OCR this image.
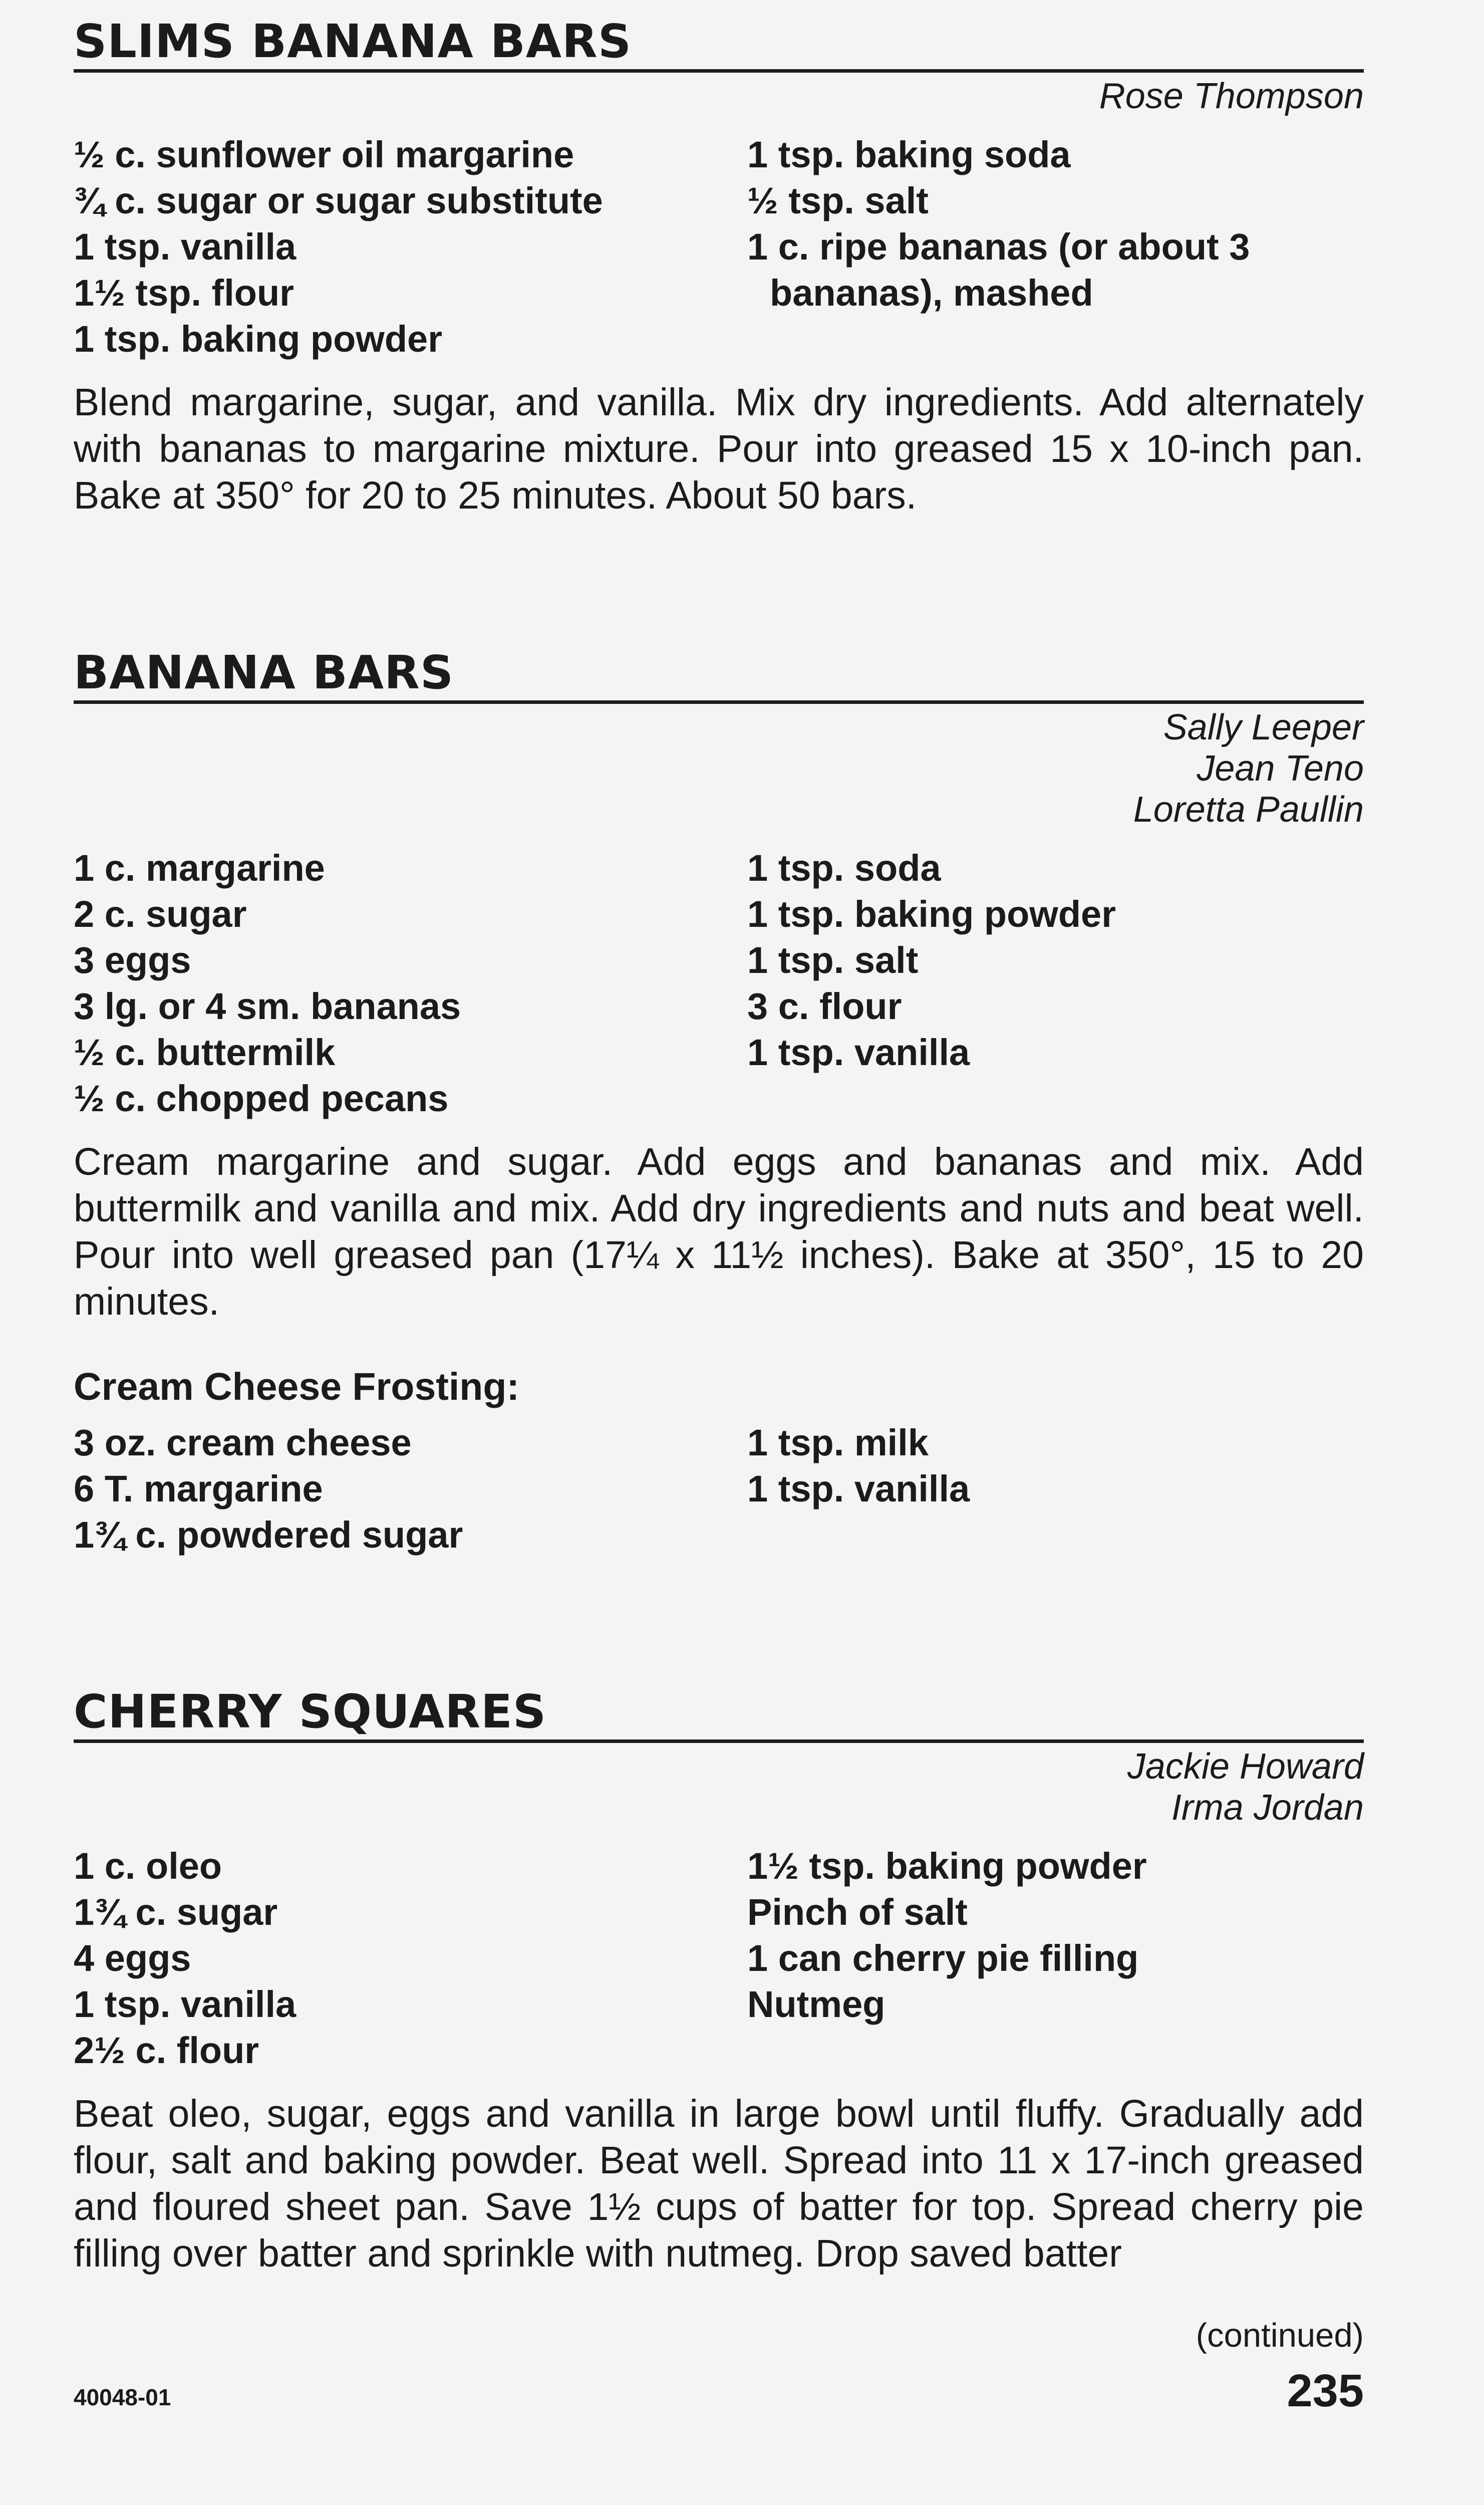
SLIMS BANANA BARS
Rose Thompson
½ c. sunflower oil margarine
¾ c. sugar or sugar substitute
1 tsp. vanilla
1½ tsp. flour
1 tsp. baking powder
1 tsp. baking soda
½ tsp. salt
1 c. ripe bananas (or about 3
bananas), mashed

Blend margarine, sugar, and vanilla. Mix dry ingredients. Add alternately with bananas to margarine mixture. Pour into greased 15 x 10-inch pan. Bake at 350° for 20 to 25 minutes. About 50 bars.

BANANA BARS
Sally Leeper
Jean Teno
Loretta Paullin
1 c. margarine
2 c. sugar
3 eggs
3 lg. or 4 sm. bananas
½ c. buttermilk
½ c. chopped pecans
1 tsp. soda
1 tsp. baking powder
1 tsp. salt
3 c. flour
1 tsp. vanilla

Cream margarine and sugar. Add eggs and bananas and mix. Add buttermilk and vanilla and mix. Add dry ingredients and nuts and beat well. Pour into well greased pan (17¼ x 11½ inches). Bake at 350°, 15 to 20 minutes.

Cream Cheese Frosting:
3 oz. cream cheese
6 T. margarine
1¾ c. powdered sugar
1 tsp. milk
1 tsp. vanilla
CHERRY SQUARES
Jackie Howard
Irma Jordan
1 c. oleo
1¾ c. sugar
4 eggs
1 tsp. vanilla
2½ c. flour
1½ tsp. baking powder
Pinch of salt
1 can cherry pie filling
Nutmeg

Beat oleo, sugar, eggs and vanilla in large bowl until fluffy. Gradually add flour, salt and baking powder. Beat well. Spread into 11 x 17-inch greased and floured sheet pan. Save 1½ cups of batter for top. Spread cherry pie filling over batter and sprinkle with nutmeg. Drop saved batter

(continued)
40048-01	235
